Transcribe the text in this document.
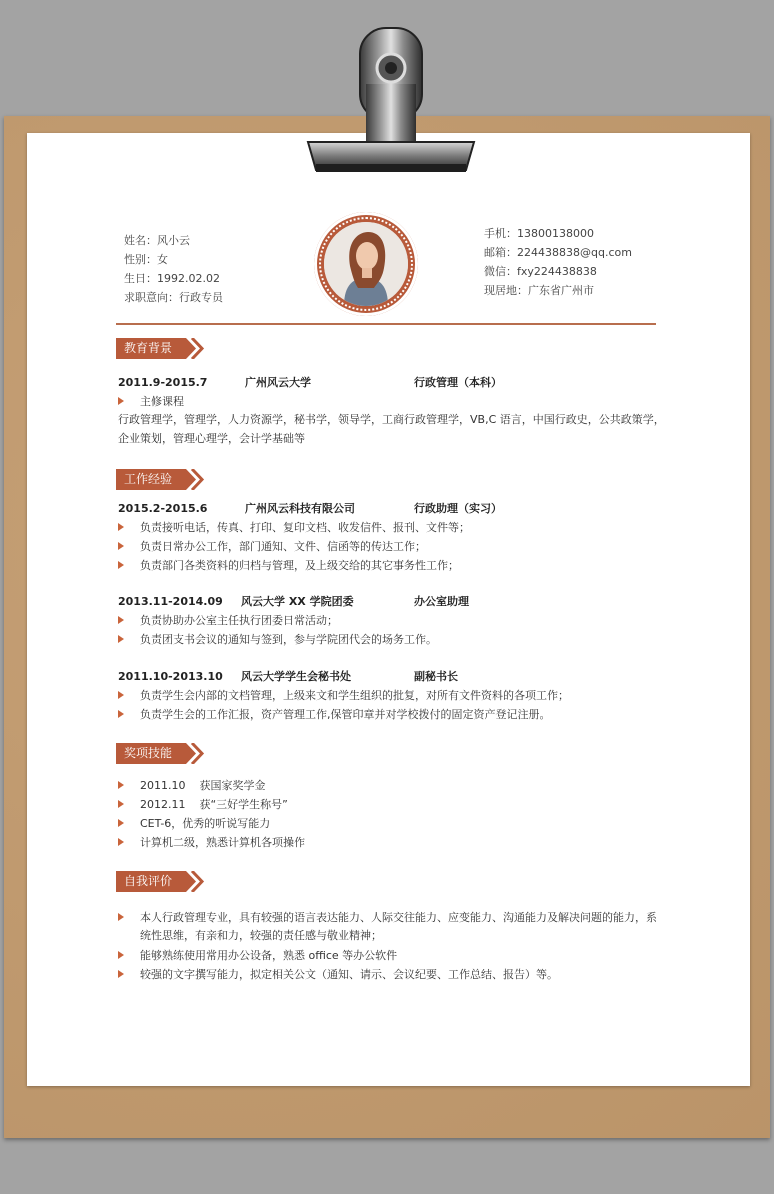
姓名：风小云
性别：女
生日：1992.02.02
求职意向：行政专员
手机：13800138000
邮箱：224438838@qq.com
微信：fxy224438838
现居地：广东省广州市
教育背景
工作经验
奖项技能
自我评价
2011.9-2015.7	广州风云大学	行政管理（本科）
主修课程
行政管理学，管理学，人力资源学，秘书学，领导学，工商行政管理学，VB,C 语言，中国行政史，公共政策学，
企业策划，管理心理学，会计学基础等
2015.2-2015.6	广州风云科技有限公司	行政助理（实习）
负责接听电话，传真、打印、复印文档、收发信件、报刊、文件等；
负责日常办公工作，部门通知、文件、信函等的传达工作；
负责部门各类资料的归档与管理，及上级交给的其它事务性工作；
2013.11-2014.09 风云大学 XX 学院团委	办公室助理
负责协助办公室主任执行团委日常活动；
负责团支书会议的通知与签到，参与学院团代会的场务工作。
2011.10-2013.10 风云大学学生会秘书处	副秘书长
负责学生会内部的文档管理，上级来文和学生组织的批复，对所有文件资料的各项工作；
负责学生会的工作汇报，资产管理工作,保管印章并对学校拨付的固定资产登记注册。
2011.10    获国家奖学金
2012.11    获“三好学生称号”
CET-6，优秀的听说写能力
计算机二级，熟悉计算机各项操作
本人行政管理专业，具有较强的语言表达能力、人际交往能力、应变能力、沟通能力及解决问题的能力，系
统性思维，有亲和力，较强的责任感与敬业精神；
能够熟练使用常用办公设备，熟悉 office 等办公软件
较强的文字撰写能力，拟定相关公文（通知、请示、会议纪要、工作总结、报告）等。
